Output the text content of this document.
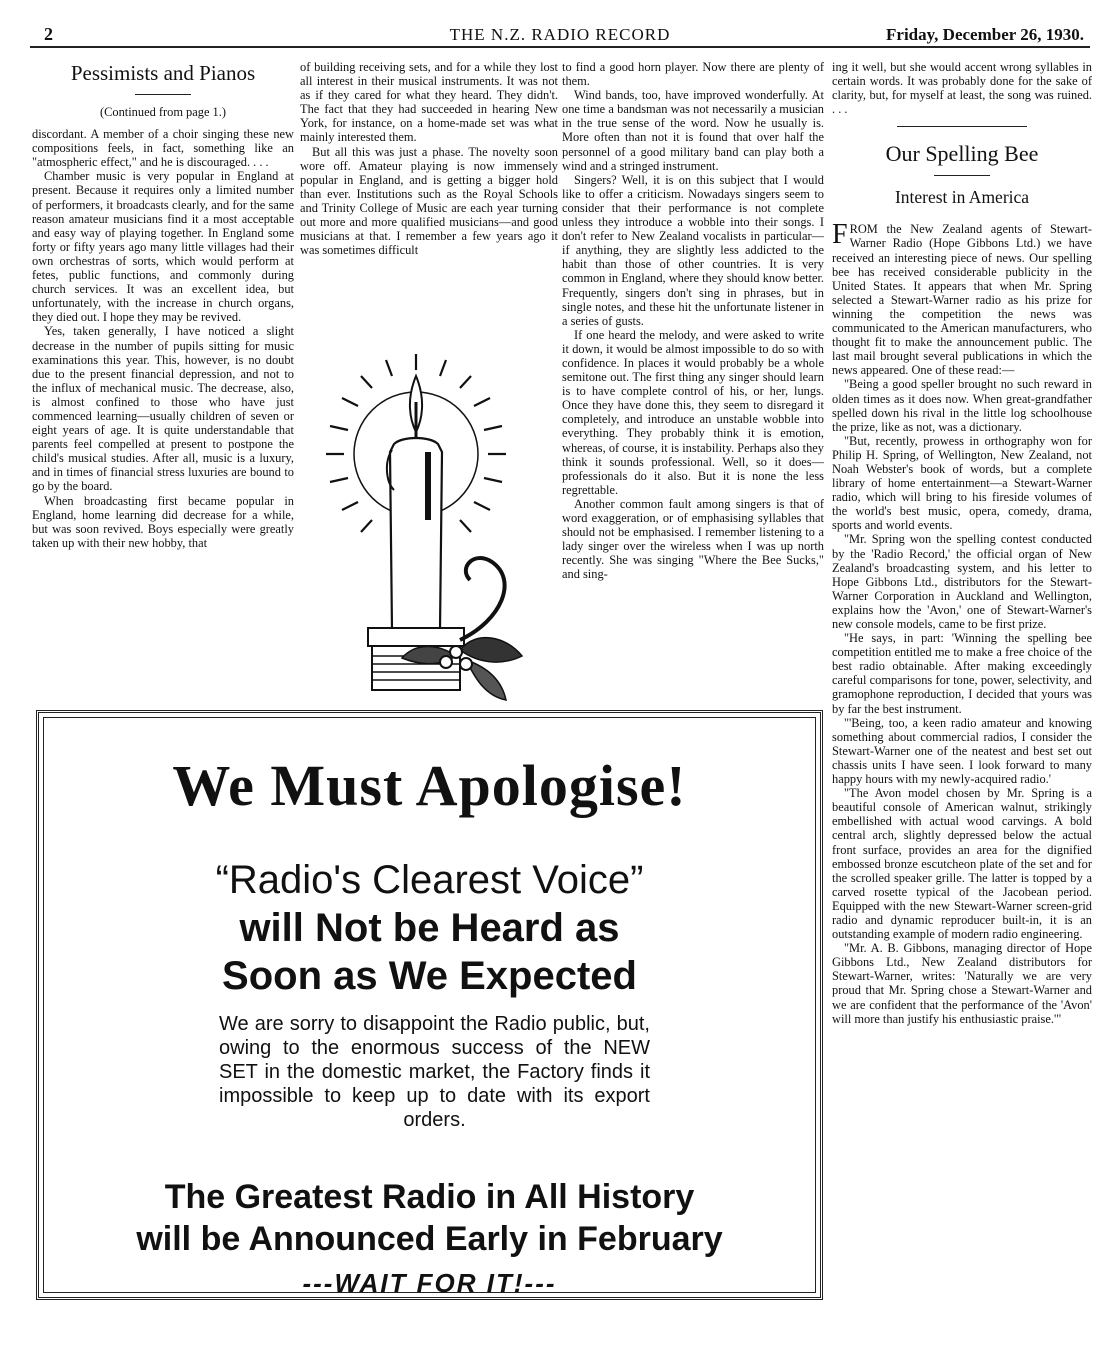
2	THE N.Z. RADIO RECORD	Friday, December 26, 1930.

Pessimists and Pianos

(Continued from page 1.)

discordant. A member of a choir singing these new compositions feels, in fact, something like an "atmospheric effect," and he is discouraged. . . .

Chamber music is very popular in England at present. Because it requires only a limited number of performers, it broadcasts clearly, and for the same reason amateur musicians find it a most acceptable and easy way of playing together. In England some forty or fifty years ago many little villages had their own orchestras of sorts, which would perform at fetes, public functions, and commonly during church services. It was an excellent idea, but unfortunately, with the increase in church organs, they died out. I hope they may be revived.

Yes, taken generally, I have noticed a slight decrease in the number of pupils sitting for music examinations this year. This, however, is no doubt due to the present financial depression, and not to the influx of mechanical music. The decrease, also, is almost confined to those who have just commenced learning—usually children of seven or eight years of age. It is quite understandable that parents feel compelled at present to postpone the child's musical studies. After all, music is a luxury, and in times of financial stress luxuries are bound to go by the board.

When broadcasting first became popular in England, home learning did decrease for a while, but was soon revived. Boys especially were greatly taken up with their new hobby, that

of building receiving sets, and for a while they lost all interest in their musical instruments. It was not as if they cared for what they heard. They didn't. The fact that they had succeeded in hearing New York, for instance, on a home-made set was what mainly interested them.

But all this was just a phase. The novelty soon wore off. Amateur playing is now immensely popular in England, and is getting a bigger hold than ever. Institutions such as the Royal Schools and Trinity College of Music are each year turning out more and more qualified musicians—and good musicians at that. I remember a few years ago it was sometimes difficult

to find a good horn player. Now there are plenty of them.

Wind bands, too, have improved wonderfully. At one time a bandsman was not necessarily a musician in the true sense of the word. Now he usually is. More often than not it is found that over half the personnel of a good military band can play both a wind and a stringed instrument.

Singers? Well, it is on this subject that I would like to offer a criticism. Nowadays singers seem to consider that their performance is not complete unless they introduce a wobble into their songs. I don't refer to New Zealand vocalists in particular—if anything, they are slightly less addicted to the habit than those of other countries. It is very common in England, where they should know better. Frequently, singers don't sing in phrases, but in single notes, and these hit the unfortunate listener in a series of gusts.

If one heard the melody, and were asked to write it down, it would be almost impossible to do so with confidence. In places it would probably be a whole semitone out. The first thing any singer should learn is to have complete control of his, or her, lungs. Once they have done this, they seem to disregard it completely, and introduce an unstable wobble into everything. They probably think it is emotion, whereas, of course, it is instability. Perhaps also they think it sounds professional. Well, so it does—professionals do it also. But it is none the less regrettable.

Another common fault among singers is that of word exaggeration, or of emphasising syllables that should not be emphasised. I remember listening to a lady singer over the wireless when I was up north recently. She was singing "Where the Bee Sucks," and sing-

ing it well, but she would accent wrong syllables in certain words. It was probably done for the sake of clarity, but, for myself at least, the song was ruined. . . .

Our Spelling Bee

Interest in America

FROM the New Zealand agents of Stewart-Warner Radio (Hope Gibbons Ltd.) we have received an interesting piece of news. Our spelling bee has received considerable publicity in the United States. It appears that when Mr. Spring selected a Stewart-Warner radio as his prize for winning the competition the news was communicated to the American manufacturers, who thought fit to make the announcement public. The last mail brought several publications in which the news appeared. One of these read:—

"Being a good speller brought no such reward in olden times as it does now. When great-grandfather spelled down his rival in the little log schoolhouse the prize, like as not, was a dictionary.

"But, recently, prowess in orthography won for Philip H. Spring, of Wellington, New Zealand, not Noah Webster's book of words, but a complete library of home entertainment—a Stewart-Warner radio, which will bring to his fireside volumes of the world's best music, opera, comedy, drama, sports and world events.

"Mr. Spring won the spelling contest conducted by the 'Radio Record,' the official organ of New Zealand's broadcasting system, and his letter to Hope Gibbons Ltd., distributors for the Stewart-Warner Corporation in Auckland and Wellington, explains how the 'Avon,' one of Stewart-Warner's new console models, came to be first prize.

"He says, in part: 'Winning the spelling bee competition entitled me to make a free choice of the best radio obtainable. After making exceedingly careful comparisons for tone, power, selectivity, and gramophone reproduction, I decided that yours was by far the best instrument.

"'Being, too, a keen radio amateur and knowing something about commercial radios, I consider the Stewart-Warner one of the neatest and best set out chassis units I have seen. I look forward to many happy hours with my newly-acquired radio.'

"The Avon model chosen by Mr. Spring is a beautiful console of American walnut, strikingly embellished with actual wood carvings. A bold central arch, slightly depressed below the actual front surface, provides an area for the dignified embossed bronze escutcheon plate of the set and for the scrolled speaker grille. The latter is topped by a carved rosette typical of the Jacobean period. Equipped with the new Stewart-Warner screen-grid radio and dynamic reproducer built-in, it is an outstanding example of modern radio engineering.

"Mr. A. B. Gibbons, managing director of Hope Gibbons Ltd., New Zealand distributors for Stewart-Warner, writes: 'Naturally we are very proud that Mr. Spring chose a Stewart-Warner and we are confident that the performance of the 'Avon' will more than justify his enthusiastic praise.'"

We Must Apologise!
“Radio's Clearest Voice”
will Not be Heard as
Soon as We Expected
We are sorry to disappoint the Radio public, but, owing to the enormous success of the NEW SET in the domestic market, the Factory finds it impossible to keep up to date with its export orders.
The Greatest Radio in All History
will be Announced Early in February
---WAIT FOR IT!---
